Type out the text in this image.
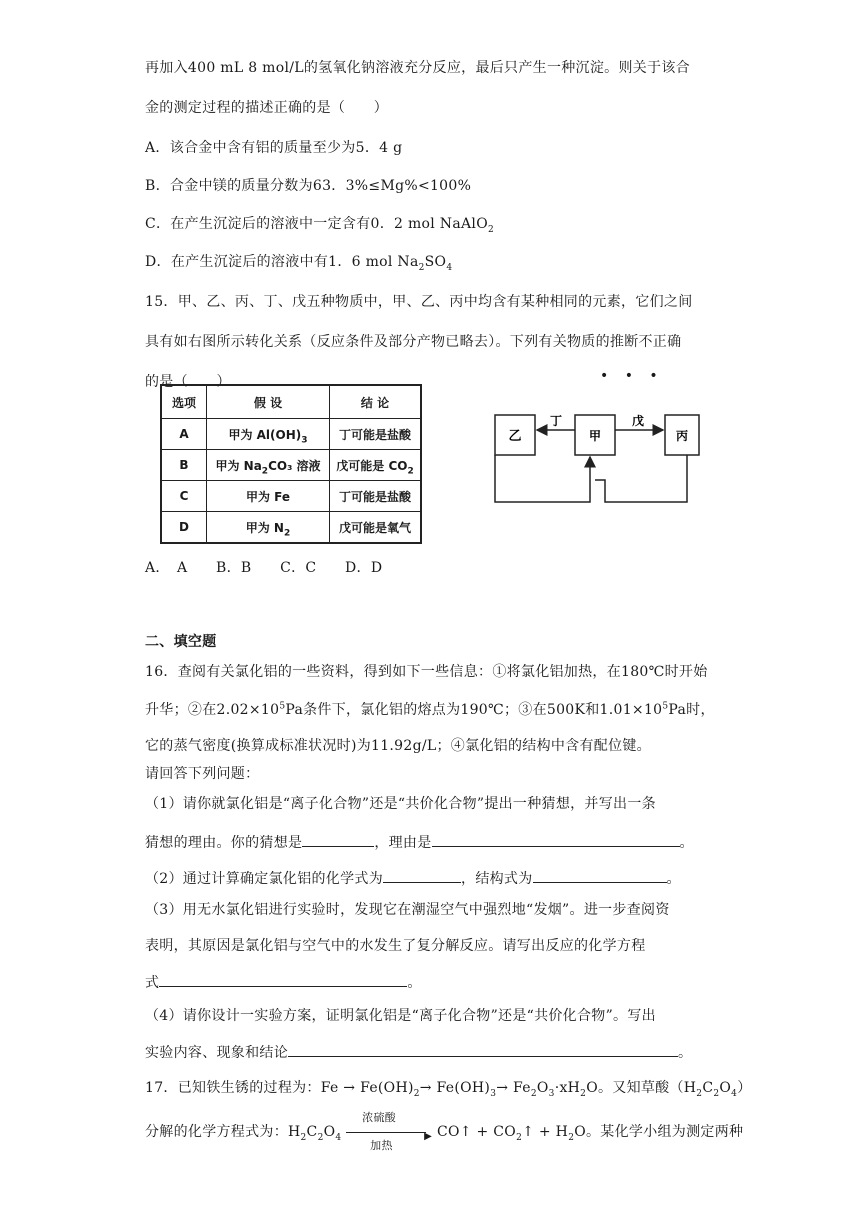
再加入400 mL 8 mol/L的氢氧化钠溶液充分反应，最后只产生一种沉淀。则关于该合
金的测定过程的描述正确的是（　　）
A．该合金中含有铝的质量至少为5．4 g
B．合金中镁的质量分数为63．3%≤Mg%<100%
C．在产生沉淀后的溶液中一定含有0．2 mol NaAlO$_2$
D．在产生沉淀后的溶液中有1．6 mol $Na_2SO_4$
15．甲、乙、丙、丁、戊五种物质中，甲、乙、丙中均含有某种相同的元素，它们之间
具有如右图所示转化关系（反应条件及部分产物已略去）。下列有关物质的推断不正确
的是（　　）
选项	假 设	结 论
A	甲为 $Al(OH)_3$	丁可能是盐酸
B	甲为 $Na_2CO_3$ 溶液	戊可能是 $CO_2$
C	甲为 Fe	丁可能是盐酸
D	甲为 $N_2$	戊可能是氧气
• • •
乙	甲	丙
丁	戊
A．　A　　B．B　　C．C　　D．D
二、填空题
16．查阅有关氯化铝的一些资料，得到如下一些信息：①将氯化铝加热，在180℃时开始
升华；②在$2.02\times 10^5Pa$条件下，氯化铝的熔点为190℃；③在500K和$1.01\times 10^5Pa$时，
它的蒸气密度(换算成标准状况时)为11.92g/L；④氯化铝的结构中含有配位键。
请回答下列问题：
（1）请你就氯化铝是“离子化合物”还是“共价化合物”提出一种猜想，并写出一条
猜想的理由。你的猜想是	，理由是	。
（2）通过计算确定氯化铝的化学式为	，结构式为	。
（3）用无水氯化铝进行实验时，发现它在潮湿空气中强烈地“发烟”。进一步查阅资
表明，其原因是氯化铝与空气中的水发生了复分解反应。请写出反应的化学方程
式	。
（4）请你设计一实验方案，证明氯化铝是“离子化合物”还是“共价化合物”。写出
实验内容、现象和结论	。
17．已知铁生锈的过程为：$Fe \to Fe(OH)_2\to Fe(OH)_3\to Fe_2O_3\cdot xH_2O$。又知草酸$(H_2C_2O_4)$
分解的化学方程式为：$H_2C_2O_4$
浓硫酸
▶
加热
CO↑ + $CO_2↑ + H_2O$。某化学小组为测定两种
